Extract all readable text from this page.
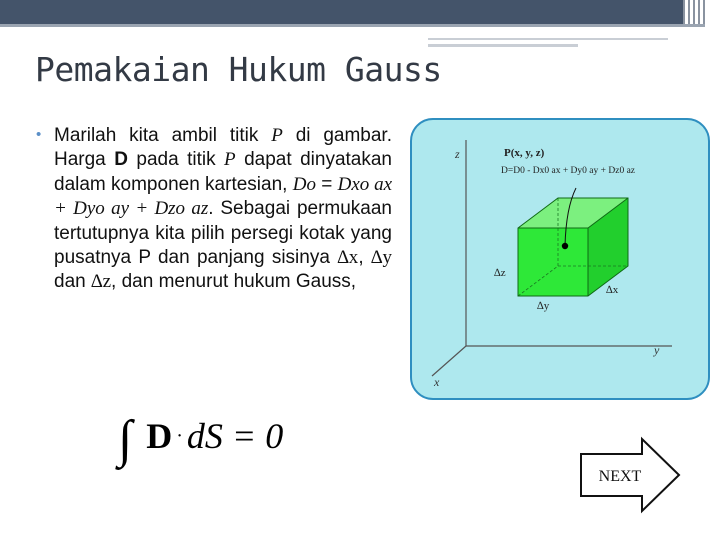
Pemakaian Hukum Gauss
• Marilah kita ambil titik P di gambar. Harga D pada titik P dapat dinyatakan dalam komponen kartesian, Do = Dxo ax + Dyo ay + Dzo az. Sebagai permukaan tertutupnya kita pilih persegi kotak yang pusatnya P dan panjang sisinya ∆x, ∆y dan ∆z, dan menurut hukum Gauss,

∫ D · dS = 0
z
y
x
P(x, y, z)
D=D0 - Dx0 ax + Dy0 ay + Dz0 az
∆z
∆y
∆x
NEXT
